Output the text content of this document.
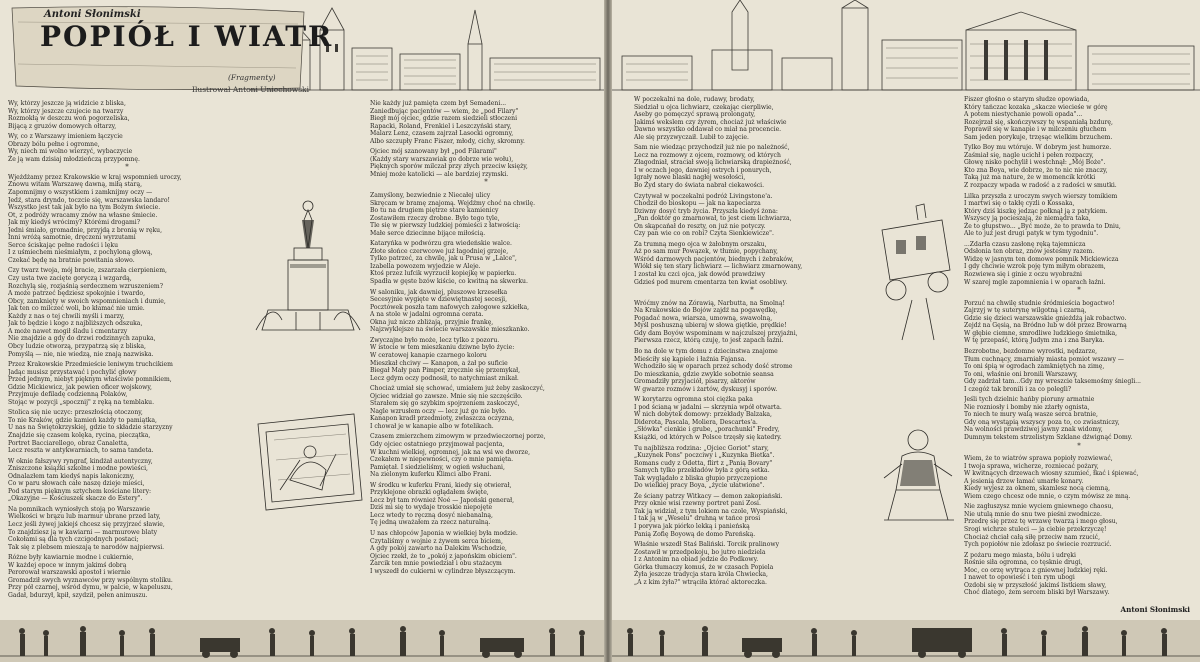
Antoni Słonimski
POPIÓŁ I WIATR
(Fragmenty)
Ilustrował Antoni Uniechowski
Wy, którzy jeszcze ją widzicie z bliska,
Wy, którzy jeszcze czujecie na twarzy
Rozmokłą w deszczu woń pogorzeliska,
Bijącą z gruzów domowych ołtarzy,
Wy, co z Warszawy imieniem łączycie
Obrazy bólu pełne i ogromne,
Wy, niech mi wolno wierzyć, wybaczycie
Że ją wam dzisiaj młodzieńczą przypomnę.
*
Wjeżdżamy przez Krakowskie w kraj wspomnień uroczy,
Znowu witam Warszawę dawną, miłą starą,
Zapomnijmy o wszystkiem i zamknijmy oczy —
Jedź, stara dryndo, toczcie się, warszawska landaro!
Wszystko jest tak jak było na tym Bożym świecie.
Ot, z podróży wracamy znów na własne śmiecie.
Jak my kiedyś wrócimy? Którémi drogami?
Jedni śmiało, gromadnie, przyjdą z bronią w ręku,
Inni wróżą samotnie, dręczeni wyrzutami
Serce ściskając pełne radości i lęku
I z uśmiechem nieśmiałym, z pochyloną głową,
Czekać będę na bratnie powitania słowo.
Czy twarz twoja, mój bracie, zszarzała cierpieniem,
Czy usta twe zacięte goryczą i wzgardą,
Rozchylą się, rozjaśnią serdecznem wzruszeniem?
A może patrzeć będziesz spokojnie i twardo,
Obcy, zamknięty w swoich wspomnieniach i dumie,
Jak ten co milczeć woli, bo kłamać nie umie.
Każdy z nas o tej chwili myśli i marzy,
Jak to będzie i kogo z najbliższych odszuka,
A może nawet mogił śladu i cmentarzy
Nie znajdzie a gdy do drzwi rodzinnych zapuka,
Obcy ludzie otworzą, przypatrzą się z bliska,
Pomyślą — nie, nie wiedzą, nie znają nazwiska.
Przez Krakowskie Przedmieście leniwym truchcikiem
Jadąc musisz przystawać i pochylić głowy
Przed jednym, niebyt pięknym właściwie pomnikiem,
Gdzie Mickiewicz, jak pewien oficer wojskowy,
Przyjmuje defiladę codzienną Polaków,
Stojąc w pozycji „spocznij" z ręką na temblaku.
Stolica się nie uczyc: przeszłością otoczony,
To nie Kraków, gdzie kamień każdy to pamiątka,
U nas na Świętokrzyskiej, gdzie to składzie starzyzny
Znajdzie się czasem kolęka, rycina, pieczątka,
Portret Bacciarellego, obraz Canaletta,
Lecz reszta w antykwarniach, to sama tandeta.
W oknie fałszywy ryngraf, kindżał autentyczny,
Zniszczone książki szkolne i modne powieści,
Odnalazłem tam kiedyś napis lakoniczny,
Co w paru słowach całe naszę dzieje mieści,
Pod starym pięknym sztychem kościane litery:
„Okazyjne — Kościuszek skacze do Estery".
Na pomnikach wyniosłych stoją po Warszawie
Wielkości w brązu lub marmur ubrane przed laty,
Lecz jeśli żywej jakiejś chcesz się przyjrzeć sławie,
To znajdziesz ją w kawiarni — marmurowe blaty
Cokołami są dla tych czcigodnych postaci;
Tak się z plebsem mieszają te narodów najpierwsi.
Różne były kawiarnie modne i cukiernie,
W każdej epoce w innym jakimś dobrą
Perorował warszawski apostoł i wiernie
Gromadził swych wyznawców przy wspólnym stoliku.
Przy pół czarnej, wśród dymu, w palcie, w kapeluszu,
Gadał, bdurzył, kpił, szydził, pełen animuszu.
Nie każdy już pamięta czem był Semadeni...
Zaniedbując pacjentów — wiem, że „pod Filary"
Biegł mój ojciec, gdzie razem siedzieli stłoczeni
Rapacki, Roland, Frenkiel i Leszczyński stary,
Malarz Lenz, czasem zajrzał Lasocki ogromny,
Albo szczupły Franc Fiszer, młody, cichy, skromny.
Ojciec mój szanowany był „pod Filarami"
(Każdy stary warszawiak go dobrze wie wołu),
Pięknych sporów milczał przy złych przeciw księży,
Mniej może katolicki — ale bardziej rzymski.
*
Zamyślony, bezwiednie z Niecałej ulicy
Skręcam w bramę znajomą. Wejdźmy choć na chwilę.
Bo tu na drugiem piętrze stare kamienicy
Zostawiłem rzeczy drobne. Było tego tyle,
Tle się w pierwszy ludzkiej pomieści z łatwością:
Małe serce dziecinne bijące miłością.
Kataryńka w podwórzu gra wiedeńskie walce.
Złote słońce czerwcowe już łagodniej grzeje,
Tylko patrzeć, za chwilę, jak u Prusa w „Lalce",
Izabella powozem wyjedzie w Aleje.
Ktoś przez lufcik wyrzucił kopiejkę w papierku.
Spadła w gęste bzów kiście, co kwitną na skwerku.
W saloniku, jak dawniej, pluszowe krzesełka
Secesyjnie wygięte w dziewiętnastej secesji,
Pocztówek poszła tam nafowych załogowe szkiełka,
A na stole w jadalni ogromna cerata.
Okna już niczo zbliżają, przyjnie frankę,
Najzwyklejsze na świecie warszawskie mieszkanko.
Zwyczajne było może, lecz tylko z pozoru.
W istocie w tem mieszkaniu dziwne było życie:
W ceratowej kanapie czarnego koloru
Mieszkał chciwy — Kanapon, a żał po suficie
Biegał Mały pan Pimper, zręcznie się przemykał,
Lecz gdym oczy podnosił, to natychmiast znikał.
Chociaż umiał się schować, umiałem już żeby zaskoczyć,
Ojciec widział go zawsze. Mnie się nie szczęściło.
Starałem się go szybkim spojrzeniem zaskoczyć,
Nagle wzrusłem oczy — lecz już go nie było.
Kanapon kradł przedmioty, zwłaszcza oczyzna,
I chował je w kanapie albo w fotelikach.
Czasem zmierzchem zimowym w przedwieczornej porze,
Gdy ojciec ostatniego przyjmował pacjenta,
W kuchni wielkiej, ogromnej, jak na wsi we dworze,
Czekałem w niepewności, czy o mnie pamięta.
Pamiętał. I siedzieliśmy, w ogień wsłuchani,
Na zielonym kuferku Klimci albo Frani.
W środku w kuferku Frani, kiedy się otwierał,
Przyklejone obrazki ogłądałem święte,
Lecz był tam również Noé — Japoński generał,
Dziś mi się to wydaje trosskie niepojęte
Lecz wtedy to ręczną dosyć niebanalną,
Tę jedną uważałem za rzecz naturalną.
U nas chłopców Japonia w wielkiej była modzie.
Czytaliśmy o wojnie z żywem serca biciem,
A gdy pokój zawarto na Dalekim Wschodzie,
Ojciec rzekł, że to „pokój z japońskim obiciem".
Żarcik ten mnie powiedział i obu stażacym
I wyszedł do cukierni w cylindrze błyszczącym.
W poczekalni na dole, rudawy, brodaty,
Siedział u ojca lichwiarz, czekając cierpliwie,
Aseby go pomęczyć sprawą prolongaty,
Jakimś wekslem czy żyrem, chociaż już właściwie
Dawno wszystko oddawał co miał na procencie.
Ale się przyzwyczaił. Lubił to zajęcie.
Sam nie wiedząc przychodził już nie po należność,
Lecz na rozmowy z ojcem, rozmowy, od których
Złagodniał, straciał swoją lichwiarską drapieżność,
I w oczach jego, dawniej ostrych i ponurych,
Igrały nowe blaski nagłej wesołości,
Bo Żyd stary do świata nabrał ciekawości.
Czytywał w poczekalni podróż Livingstone'a.
Chodził do bioskopu — jak na kapeciarza
Dziwny dosyć tryb życia. Przyszła kiedyś żona:
„Pan doktór go zmarnował, to jest ciem lichwiarza,
On skąpcańał do reszty, on już nie potyczy.
Czy pan wie co on robi? Czyta Sienkiewicze".
Za trumną mego ojca w żałobnym orszaku,
Aż po sam mur Powązek, w tłumie, popychany,
Wśród darmowych pacjentów, biednych i żebraków,
Wlókł się ten stary lichwiarz — lichwiarz zmarnowany,
I został ku czci ojca, jak dowód prawdziwy
Gdzieś pod murem cmentarza ten kwiat osobliwy.
*
Wróćmy znów na Zórawią, Narbutta, na Smolną!
Na Krakowskie do Bojów zajdź na pogawędkę,
Pogadać nowa, wiarsza, umowną, swawolną,
Myśl poshuszną ubieraj w słowa giętkie, prędkie!
Gdy dam Boyów wspominam w najczulszej przyjaźni,
Pierwsza rzecz, którą czuję, to jest zapach łaźni.
Bo na dole w tym domu z dziecinstwa znajome
Mieściły się kąpiele i łaźnia Fajansa.
Wchodziło się w oparach przez schody dość strome
Do mieszkania, gdzie zwykle sobotnie seansa
Gromadziły przyjaciół, pisarzy, aktorów
W gwarze rozmów i żartów, dyskusyj i sporów.
W korytarzu ogromna stoi ciężka paka
I pod ścianą w jadalni — skrzynia wpół otwarta.
W nich dobytek domowy: przekłady Balzaka,
Diderota, Pascala, Moliera, Descartes'a.
„Słówka" cienkie i grube, „porachunki" Fredry,
Książki, od których w Polsce trzęsły się katedry.
Tu najbliższa rodzina: „Ojciec Goriot" stary,
„Kuzynek Pons" poczciwy i „Kuzynka Bietka".
Romans cudy z Odetta, flirt z „Panią Bovary"
Samych tylko przekładów była z górą setka.
Tak wyglądało z bliska głupio przyczepione
Do wielkiej pracy Boya, „życie ułatwione".
Że ściany patrzy Witkacy — demon zakopiański.
Przy oknie wisi rzewny portret pani Zosi.
Tak ją widział, z tym lokiem na czole, Wyspiański,
I tak ją w „Weselu" druhną w tańce prosi
I porywa jak piórko lekką i panieńską
Panią Zofię Boyową de domo Pareńską.
Właśnie wszedł Staś Baliński. Torcik pralinowy
Zostawił w przedpokoju, bo jutro niedziela
I z Antonim na obiad jedzie do Podkowy.
Górka tłumaczy komuś, że w czasach Popiela
Żyła jeszcze tradycja stara króla Chwiecka,
„A z kim żyła?" wtrąciła którać aktoreczka.
Fiszer głośno o starym słudze opowiada,
Który tańczac kozaka „skacze wiecieśe w górę
A potem niestychanie powoli opada"...
Rozejrzał się, skończywszy tę wspaniałą bzdurę,
Poprawił się w kanapie i w milczeniu głuchem
Sam jeden porykuje, trzęsąc wielkim brzuchem.
Tylko Boy mu wtóruje. W dobrym jest humorze.
Zaśmiał się, nagle ucichł i pełen rozpaczy,
Głowę nisko pochylił i westchnął: „Mój Boże".
Kto zna Boya, wie dobrze, że to nic nie znaczy,
Taką już ma nature, że w momencik krótki
Z rozpaczy wpada w radość a z radości w smutki.
Lilka przyszła z uroczym swych wierszy tomikiem
I martwi się o takłę cyzli o Kossaka,
Który dziś kiszkę jedząc połknął ją z patykiem.
Wszyscy ją pocieszają, że niemądra taka,
Że to głupstwo... „Być może, że to prawda to Dniu,
Ale to już jest drugi patyk w tym tygodniu".
...Zdarła czasu zasłonę ręką tajemnicza
Odsłonia ten obraz, znów jesteśmy razem.
Widzę w jasnym ten domowe pomnik Mickiewicza
I gdy chciwie wzrok poję tym miłym obrazem,
Rozwiewa się i ginie z oczu wyobraźni
W szarej mgle zapomnienia i w oparach łaźni.
*
Porzuć na chwilę studnie śródmieścia bogactwo!
Zajrzyj w tę suterynę wilgotną i czarną,
Gdzie się dzieci warszawskie gnieżdżą jak robactwo.
Zejdź na Gęsią, na Bródno lub w dół przez Browarną
W głębie ciemne, smrodliwe ludzkiego śmietnika,
W tę przepaść, którą Judym zna i zna Baryka.
Bezrobotne, bezdomne wyrostki, nędzarze,
Tłum cuchnący, zmarniały miasta pomiot wszawy —
To oni śpią w ogrodach zamkniętych na zimę,
To oni, właśnie oni bronili Warszawy,
Gdy zadrżał tam...Gdy my wreszcie taksemośmy śniegli...
I czegóż tak bronili i za co polegli?
Jeśli tych dzielnic hańby pioruny armatnie
Nie rozniosły i bomby nie zżarły ognista,
To niech te mury walą wasze serca bratnie,
Gdy oną wystąpią wszyscy poza to, co zwiastniczy,
Na wolności prawdziwej jawny znak widomy,
Dumnym tekstem strzelistym Szklane dźwignąć Domy.
*
Wiem, że to wiatrów sprawa popioły rozwiewać,
I twoja sprawa, wicherze, rozniecać pożary,
W kwitnących drzewach wiosny szumieć, łkać i śpiewać,
A jesienią drzew łamać umarłe konary.
Kiedy wyjesz za oknem, skamlesz nocą ciemną,
Wiem czego chcesz ode mnie, o czym mówisz ze mną.
Nie zagłuszysz mnie wyciem gniewnego chaosu,
Nie utulą mnie do snu twe pieśni zwodnicze.
Przedrę się przez tę wrzawę twarzą i mego głosu,
Srogi wichrze stuleci — ja ciebie przekrzyczę!
Chociaż chciał całą siłę przeciw nam rzucić,
Tych popiołów nie zdołasz po świecie rozrzucić.
Z pożaru mego miasta, bólu i udręki
Rośnie siła ogromna, co tęsknie drugi,
Moc, co orzę wytrąca z gniewnej ludzkiej ręki.
I nawet to opowieść i ten rym ubogi
Ozdobi się w przyszłość jakimś listkiem sławy,
Choć dlatego, żem sercem bliski był Warszawy.
Antoni Słonimski
